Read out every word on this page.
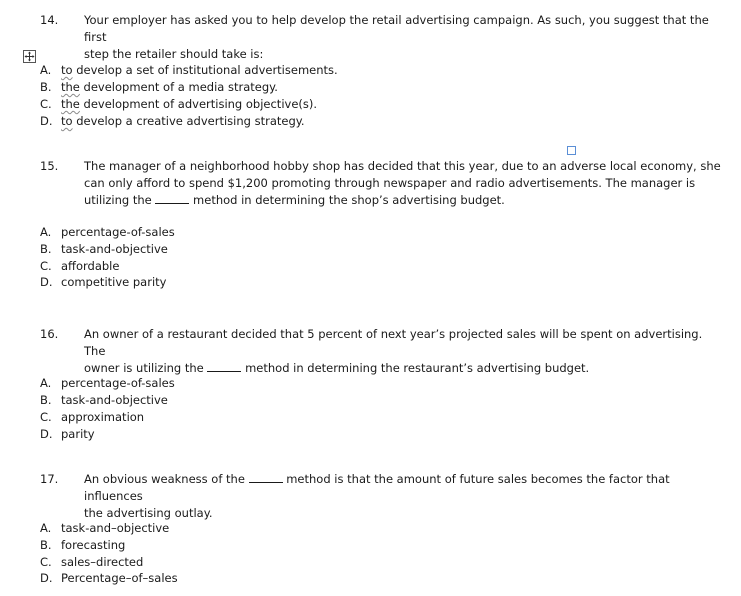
14. Your employer has asked you to help develop the retail advertising campaign. As such, you suggest that the first
step the retailer should take is:
A. to develop a set of institutional advertisements.
B. the development of a media strategy.
C. the development of advertising objective(s).
D. to develop a creative advertising strategy.
15. The manager of a neighborhood hobby shop has decided that this year, due to an adverse local economy, she
can only afford to spend $1,200 promoting through newspaper and radio advertisements. The manager is
utilizing the	method in determining the shop’s advertising budget.
A. percentage-of-sales
B. task-and-objective
C. affordable
D. competitive parity
16. An owner of a restaurant decided that 5 percent of next year’s projected sales will be spent on advertising. The
owner is utilizing the	method in determining the restaurant’s advertising budget.
A. percentage-of-sales
B. task-and-objective
C. approximation
D. parity
17. An obvious weakness of the	method is that the amount of future sales becomes the factor that influences
the advertising outlay.
A. task-and–objective
B. forecasting
C. sales–directed
D. Percentage–of–sales
